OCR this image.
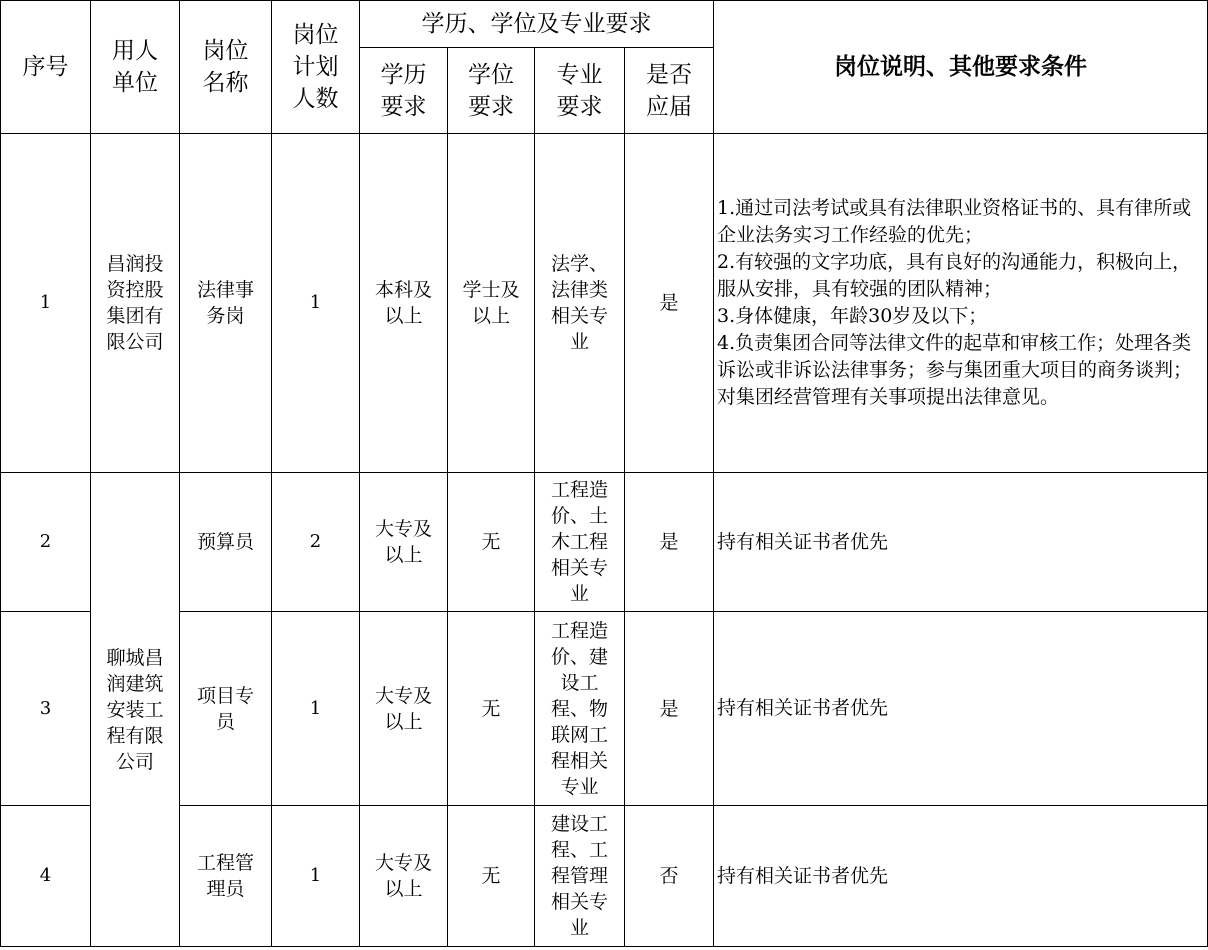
序号	用人单位	岗位名称	岗位计划人数	学历、学位及专业要求				岗位说明、其他要求条件
				学历要求	学位要求	专业要求	是否应届	
1	昌润投资控股集团有限公司	法律事务岗	1	本科及以上	学士及以上	法学、法律类相关专业	是	1.通过司法考试或具有法律职业资格证书的、具有律所或企业法务实习工作经验的优先；
2.有较强的文字功底，具有良好的沟通能力，积极向上，服从安排，具有较强的团队精神；
3.身体健康，年龄30岁及以下；
4.负责集团合同等法律文件的起草和审核工作；处理各类诉讼或非诉讼法律事务；参与集团重大项目的商务谈判；对集团经营管理有关事项提出法律意见。

2	聊城昌润建筑安装工程有限公司	预算员	2	大专及以上	无	工程造价、土木工程相关专业	是	持有相关证书者优先
3		项目专员	1	大专及以上	无	工程造价、建设工程、物联网工程相关专业	是	持有相关证书者优先
4		工程管理员	1	大专及以上	无	建设工程、工程管理相关专业	否	持有相关证书者优先
